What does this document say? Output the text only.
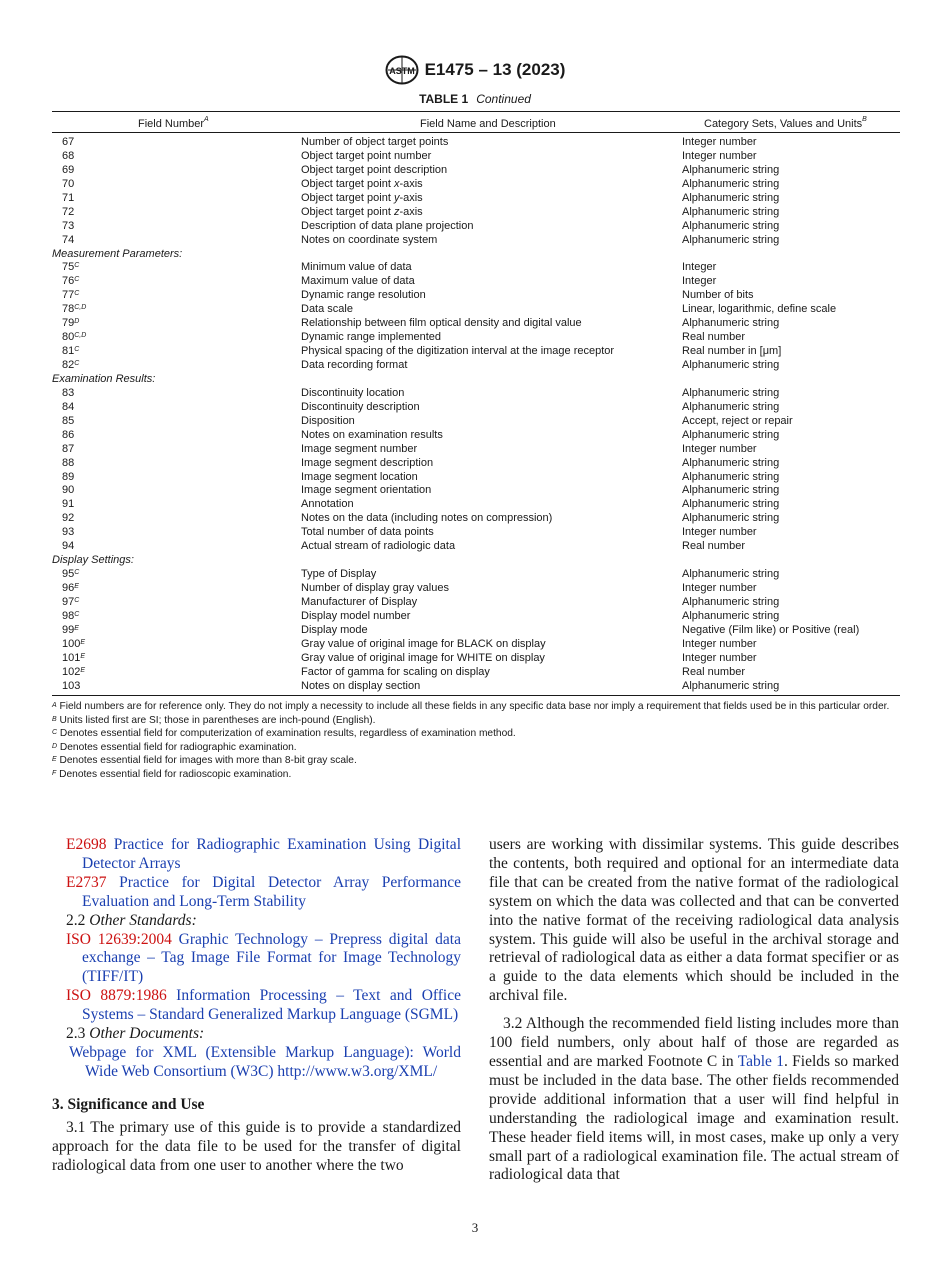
ASTM E1475 – 13 (2023)
TABLE 1 Continued
Field Number$^A$	Field Name and Description	Category Sets, Values and Units$^B$
67	Number of object target points	Integer number
68	Object target point number	Integer number
69	Object target point description	Alphanumeric string
70	Object target point x-axis	Alphanumeric string
71	Object target point y-axis	Alphanumeric string
72	Object target point z-axis	Alphanumeric string
73	Description of data plane projection	Alphanumeric string
74	Notes on coordinate system	Alphanumeric string
Measurement Parameters:
$75^C$	Minimum value of data	Integer
$76^C$	Maximum value of data	Integer
$77^C$	Dynamic range resolution	Number of bits
$78^{C,D}$	Data scale	Linear, logarithmic, define scale
$79^D$	Relationship between film optical density and digital value	Alphanumeric string
$80^{C,D}$	Dynamic range implemented	Real number
$81^C$	Physical spacing of the digitization interval at the image receptor	Real number in [μm]
$82^C$	Data recording format	Alphanumeric string
Examination Results:
83	Discontinuity location	Alphanumeric string
84	Discontinuity description	Alphanumeric string
85	Disposition	Accept, reject or repair
86	Notes on examination results	Alphanumeric string
87	Image segment number	Integer number
88	Image segment description	Alphanumeric string
89	Image segment location	Alphanumeric string
90	Image segment orientation	Alphanumeric string
91	Annotation	Alphanumeric string
92	Notes on the data (including notes on compression)	Alphanumeric string
93	Total number of data points	Integer number
94	Actual stream of radiologic data	Real number
Display Settings:
$95^C$	Type of Display	Alphanumeric string
$96^E$	Number of display gray values	Integer number
$97^C$	Manufacturer of Display	Alphanumeric string
$98^C$	Display model number	Alphanumeric string
$99^E$	Display mode	Negative (Film like) or Positive (real)
$100^E$	Gray value of original image for BLACK on display	Integer number
$101^E$	Gray value of original image for WHITE on display	Integer number
$102^E$	Factor of gamma for scaling on display	Real number
103	Notes on display section	Alphanumeric string

$^A$ Field numbers are for reference only. They do not imply a necessity to include all these fields in any specific data base nor imply a requirement that fields used be in this particular order.

$^B$ Units listed first are SI; those in parentheses are inch-pound (English).

$^C$ Denotes essential field for computerization of examination results, regardless of examination method.

$^D$ Denotes essential field for radiographic examination.

$^E$ Denotes essential field for images with more than 8-bit gray scale.

$^F$ Denotes essential field for radioscopic examination.

E2698 Practice for Radiographic Examination Using Digital Detector Arrays

E2737 Practice for Digital Detector Array Performance Evaluation and Long-Term Stability

2.2 Other Standards:

ISO 12639:2004 Graphic Technology – Prepress digital data exchange – Tag Image File Format for Image Technology (TIFF/IT)

ISO 8879:1986 Information Processing – Text and Office Systems – Standard Generalized Markup Language (SGML)

2.3 Other Documents:

Webpage for XML (Extensible Markup Language): World Wide Web Consortium (W3C) http://www.w3.org/XML/

3. Significance and Use

3.1 The primary use of this guide is to provide a standardized approach for the data file to be used for the transfer of digital radiological data from one user to another where the two

users are working with dissimilar systems. This guide describes the contents, both required and optional for an intermediate data file that can be created from the native format of the radiological system on which the data was collected and that can be converted into the native format of the receiving radiological data analysis system. This guide will also be useful in the archival storage and retrieval of radiological data as either a data format specifier or as a guide to the data elements which should be included in the archival file.

3.2 Although the recommended field listing includes more than 100 field numbers, only about half of those are regarded as essential and are marked Footnote C in Table 1. Fields so marked must be included in the data base. The other fields recommended provide additional information that a user will find helpful in understanding the radiological image and examination result. These header field items will, in most cases, make up only a very small part of a radiological examination file. The actual stream of radiological data that

3
